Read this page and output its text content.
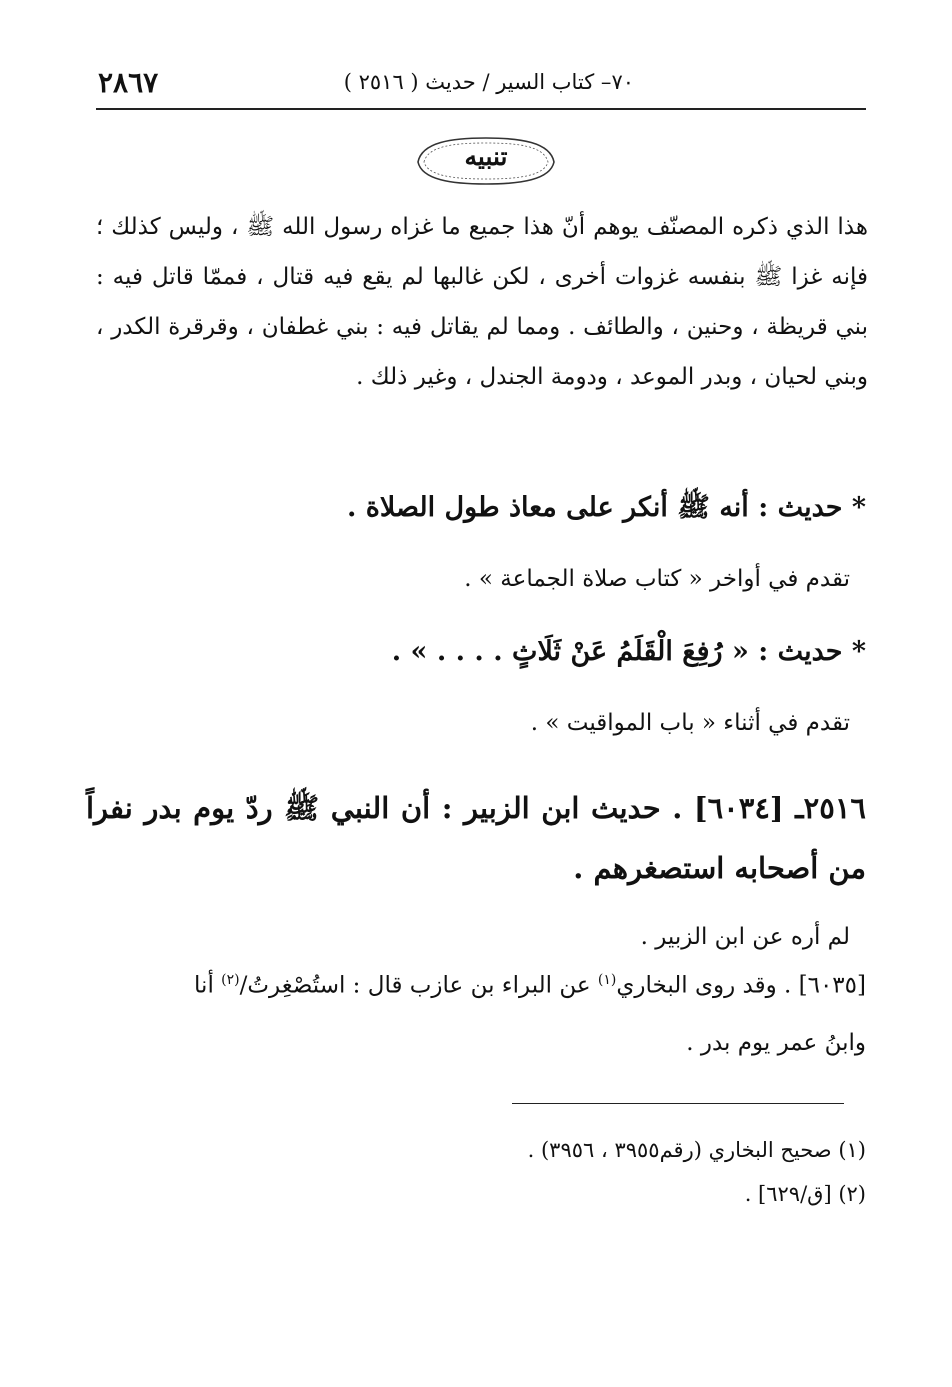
٢٨٦٧	٧٠– كتاب السير / حديث ( ٢٥١٦ )
تنبيه

هذا الذي ذكره المصنّف يوهم أنّ هذا جميع ما غزاه رسول الله ﷺ ، وليس كذلك ؛ فإنه غزا ﷺ بنفسه غزوات أخرى ، لكن غالبها لم يقع فيه قتال ، فممّا قاتل فيه : بني قريظة ، وحنين ، والطائف . ومما لم يقاتل فيه : بني غطفان ، وقرقرة الكدر ، وبني لحيان ، وبدر الموعد ، ودومة الجندل ، وغير ذلك .

* حديث : أنه ﷺ أنكر على معاذ طول الصلاة .
تقدم في أواخر « كتاب صلاة الجماعة » .
* حديث : « رُفِعَ الْقَلَمُ عَنْ ثَلَاثٍ . . . . » .
تقدم في أثناء « باب المواقيت » .

٢٥١٦ـ [٦٠٣٤] . حديث ابن الزبير : أن النبي ﷺ ردّ يوم بدر نفراً من أصحابه استصغرهم .

لم أره عن ابن الزبير .

[٦٠٣٥] . وقد روى البخاري$^{(١)}$ عن البراء بن عازب قال : استُصْغِرتُ/$^{(٢)}$ أنا

وابنُ عمر يوم بدر .

(١) صحيح البخاري (رقم٣٩٥٥ ، ٣٩٥٦) .
(٢) [ق/٦٢٩] .
